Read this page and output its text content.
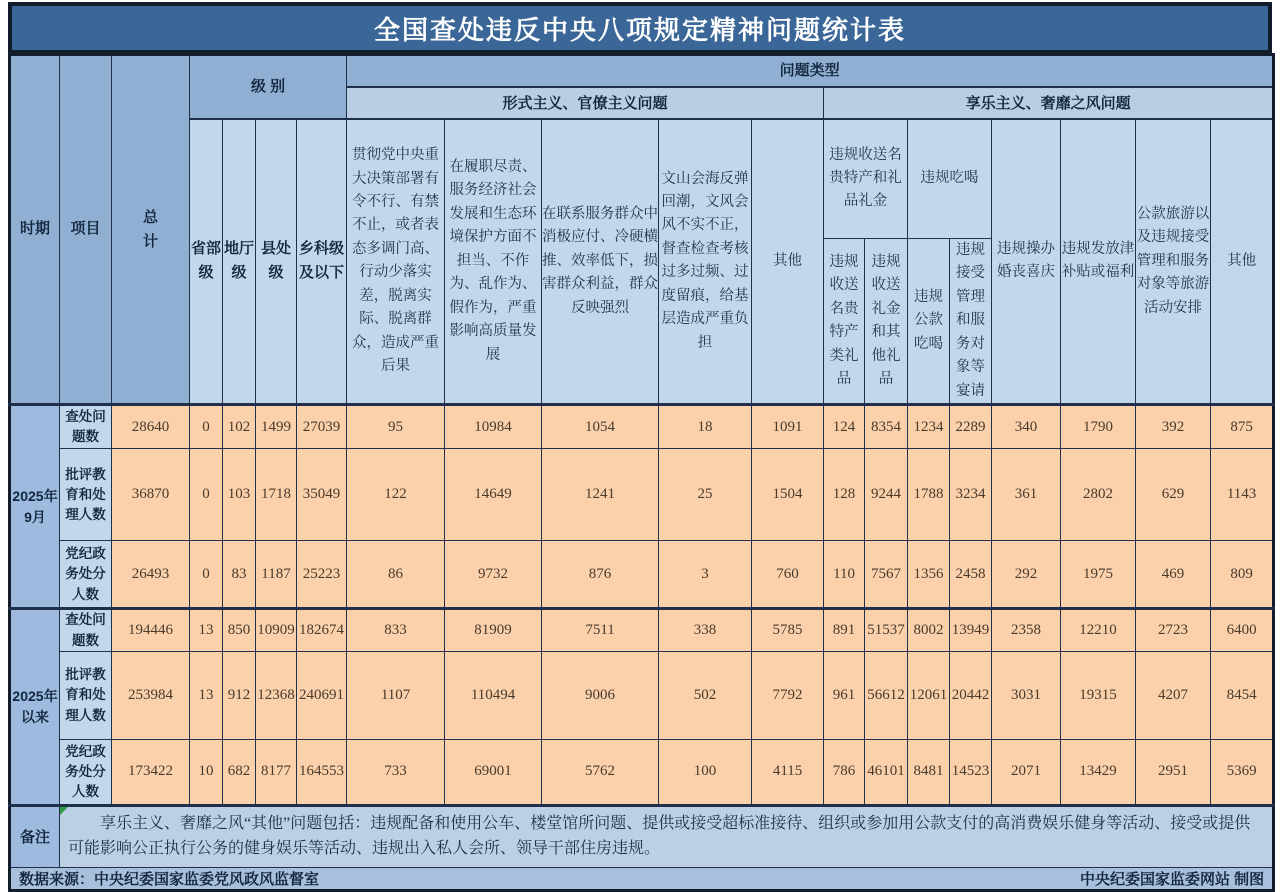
全国查处违反中央八项规定精神问题统计表
时期	项目	总计	级 别				问题类型												
							形式主义、官僚主义问题					享乐主义、奢靡之风问题							
			省部级	地厅级	县处级	乡科级及以下	贯彻党中央重大决策部署有令不行、有禁不止，或者表态多调门高、行动少落实差，脱离实际、脱离群众，造成严重后果	在履职尽责、服务经济社会发展和生态环境保护方面不担当、不作为、乱作为、假作为，严重影响高质量发展	在联系服务群众中消极应付、冷硬横推、效率低下，损害群众利益，群众反映强烈	文山会海反弹回潮，文风会风不实不正，督查检查考核过多过频、过度留痕，给基层造成严重负担	其他	违规收送名贵特产和礼品礼金		违规吃喝		违规操办婚丧喜庆	违规发放津补贴或福利	公款旅游以及违规接受管理和服务对象等旅游活动安排	其他
												违规收送名贵特产类礼品	违规收送礼金和其他礼品	违规公款吃喝	违规接受管理和服务对象等宴请				
2025年9月	查处问题数	28640	0	102	1499	27039	95	10984	1054	18	1091	124	8354	1234	2289	340	1790	392	875
	批评教育和处理人数	36870	0	103	1718	35049	122	14649	1241	25	1504	128	9244	1788	3234	361	2802	629	1143
	党纪政务处分人数	26493	0	83	1187	25223	86	9732	876	3	760	110	7567	1356	2458	292	1975	469	809
2025年以来	查处问题数	194446	13	850	10909	182674	833	81909	7511	338	5785	891	51537	8002	13949	2358	12210	2723	6400
	批评教育和处理人数	253984	13	912	12368	240691	1107	110494	9006	502	7792	961	56612	12061	20442	3031	19315	4207	8454
	党纪政务处分人数	173422	10	682	8177	164553	733	69001	5762	100	4115	786	46101	8481	14523	2071	13429	2951	5369
备注	享乐主义、奢靡之风“其他”问题包括：违规配备和使用公车、楼堂馆所问题、提供或接受超标准接待、组织或参加用公款支付的高消费娱乐健身等活动、接受或提供可能影响公正执行公务的健身娱乐等活动、违规出入私人会所、领导干部住房违规。																		

数据来源：中央纪委国家监委党风政风监督室 中央纪委国家监委网站 制图																			
